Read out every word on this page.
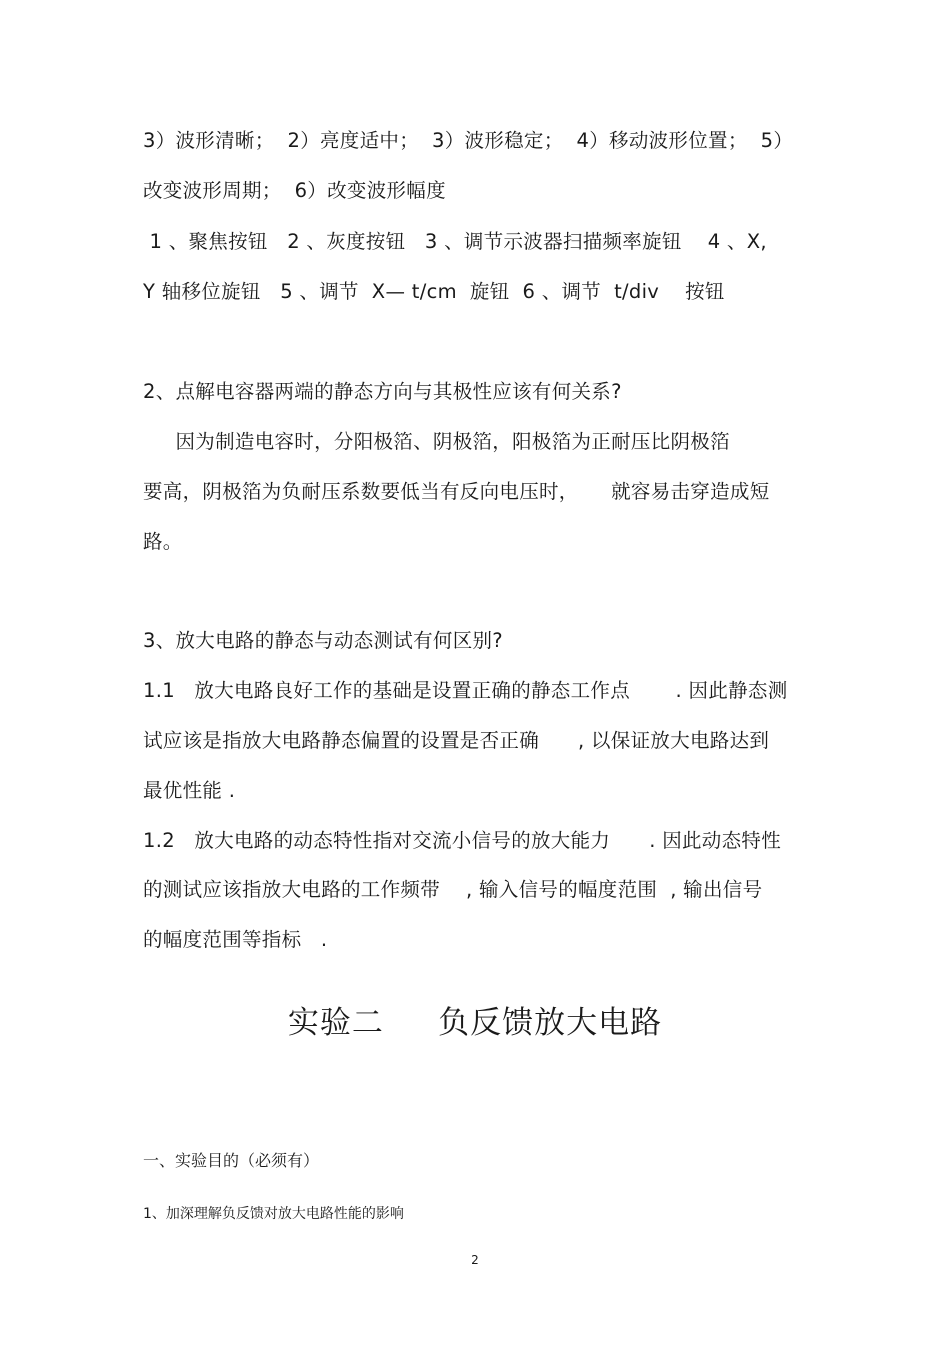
3）波形清晰；  2）亮度适中；  3）波形稳定；  4）移动波形位置；  5）
改变波形周期；  6）改变波形幅度
1 、聚焦按钮   2 、灰度按钮   3 、调节示波器扫描频率旋钮    4 、X,
Y 轴移位旋钮   5 、调节  X— t/cm  旋钮  6 、调节  t/div    按钮
2、点解电容器两端的静态方向与其极性应该有何关系?
因为制造电容时，分阳极箔、阴极箔，阳极箔为正耐压比阴极箔
要高，阴极箔为负耐压系数要低当有反向电压时，     就容易击穿造成短
路。
3、放大电路的静态与动态测试有何区别?
1.1   放大电路良好工作的基础是设置正确的静态工作点       . 因此静态测
试应该是指放大电路静态偏置的设置是否正确      , 以保证放大电路达到
最优性能 .
1.2   放大电路的动态特性指对交流小信号的放大能力      . 因此动态特性
的测试应该指放大电路的工作频带    , 输入信号的幅度范围  , 输出信号
的幅度范围等指标   .
实验二     负反馈放大电路
一、实验目的（必须有）
1、加深理解负反馈对放大电路性能的影响
2
